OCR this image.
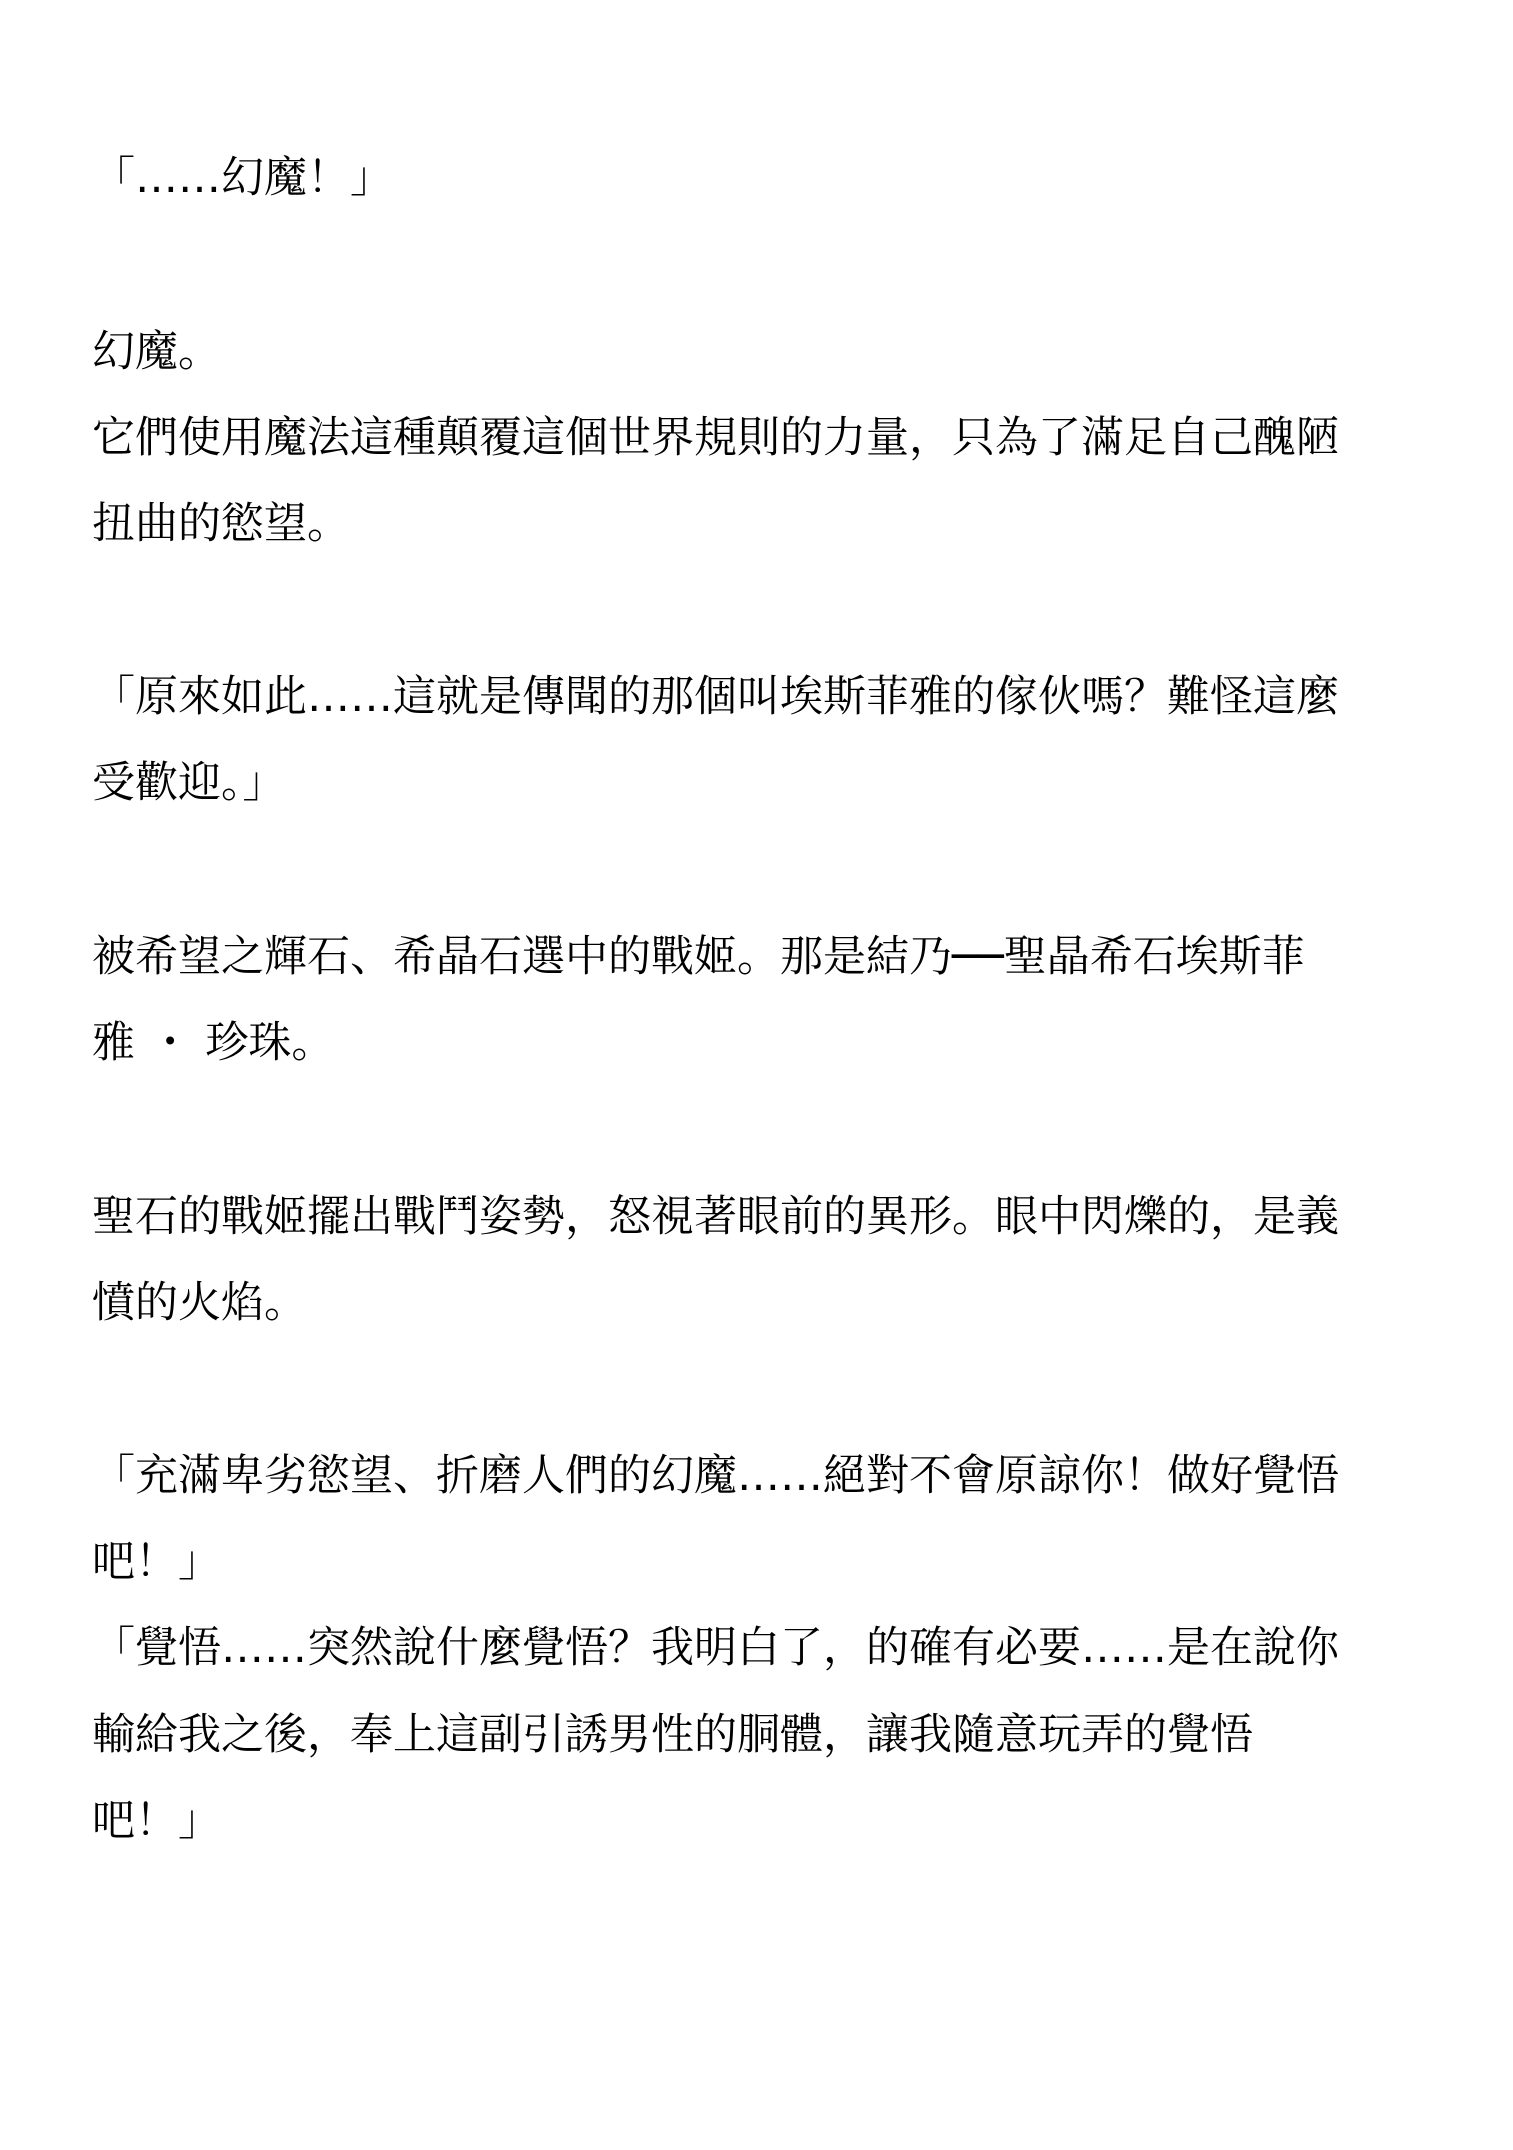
「……幻魔！」

幻魔。

它們使用魔法這種顛覆這個世界規則的力量，只為了滿足自己醜陋

扭曲的慾望。

「原來如此……這就是傳聞的那個叫埃斯菲雅的傢伙嗎？難怪這麼

受歡迎。」

被希望之輝石、希晶石選中的戰姬。那是結乃──聖晶希石埃斯菲

雅 ・ 珍珠。

聖石的戰姬擺出戰鬥姿勢，怒視著眼前的異形。眼中閃爍的，是義

憤的火焰。

「充滿卑劣慾望、折磨人們的幻魔……絕對不會原諒你！做好覺悟

吧！」

「覺悟……突然說什麼覺悟？我明白了，的確有必要……是在說你

輸給我之後，奉上這副引誘男性的胴體，讓我隨意玩弄的覺悟

吧！」
